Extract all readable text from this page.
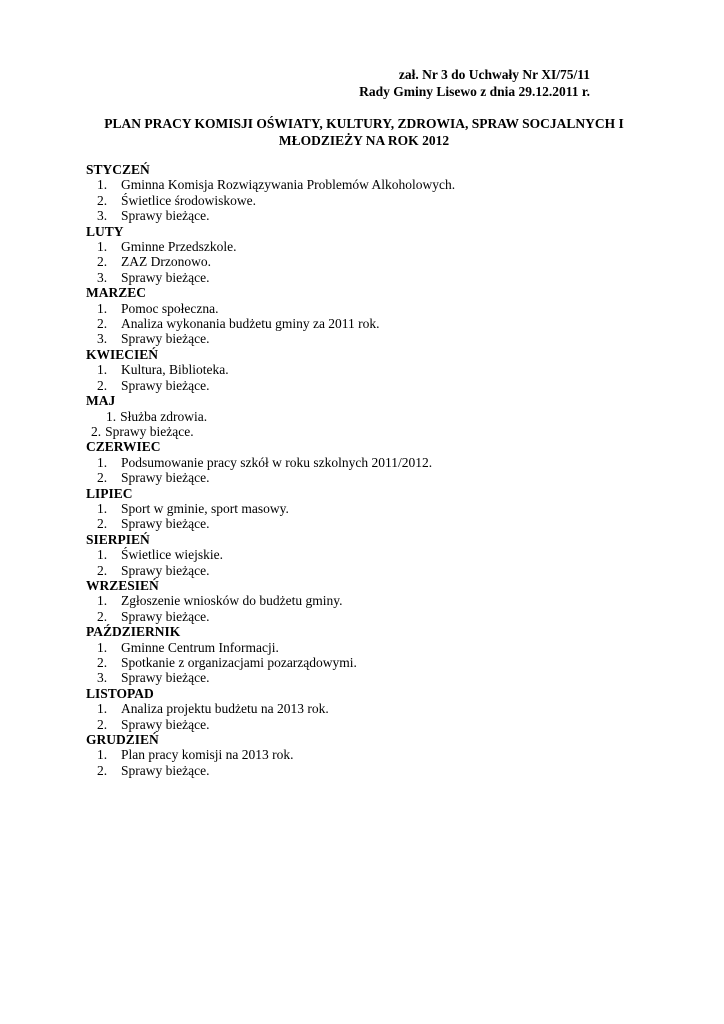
zał. Nr 3 do Uchwały Nr XI/75/11
Rady Gminy Lisewo z dnia 29.12.2011 r.
PLAN PRACY KOMISJI OŚWIATY, KULTURY, ZDROWIA, SPRAW SOCJALNYCH I
MŁODZIEŻY NA ROK 2012
STYCZEŃ
1.	Gminna Komisja Rozwiązywania Problemów Alkoholowych.
2.	Świetlice środowiskowe.
3.	Sprawy bieżące.
LUTY
1.	Gminne Przedszkole.
2.	ZAZ Drzonowo.
3.	Sprawy bieżące.
MARZEC
1.	Pomoc społeczna.
2.	Analiza wykonania budżetu gminy za 2011 rok.
3.	Sprawy bieżące.
KWIECIEŃ
1.	Kultura, Biblioteka.
2.	Sprawy bieżące.
MAJ
1. Służba zdrowia.
2. Sprawy bieżące.
CZERWIEC
1.	Podsumowanie pracy szkół w roku szkolnych 2011/2012.
2.	Sprawy bieżące.
LIPIEC
1.	Sport w gminie, sport masowy.
2.	Sprawy bieżące.
SIERPIEŃ
1.	Świetlice wiejskie.
2.	Sprawy bieżące.
WRZESIEŃ
1.	Zgłoszenie wniosków do budżetu gminy.
2.	Sprawy bieżące.
PAŹDZIERNIK
1.	Gminne Centrum Informacji.
2.	Spotkanie z organizacjami pozarządowymi.
3.	Sprawy bieżące.
LISTOPAD
1.	Analiza projektu budżetu na 2013 rok.
2.	Sprawy bieżące.
GRUDZIEŃ
1.	Plan pracy komisji na 2013 rok.
2.	Sprawy bieżące.
